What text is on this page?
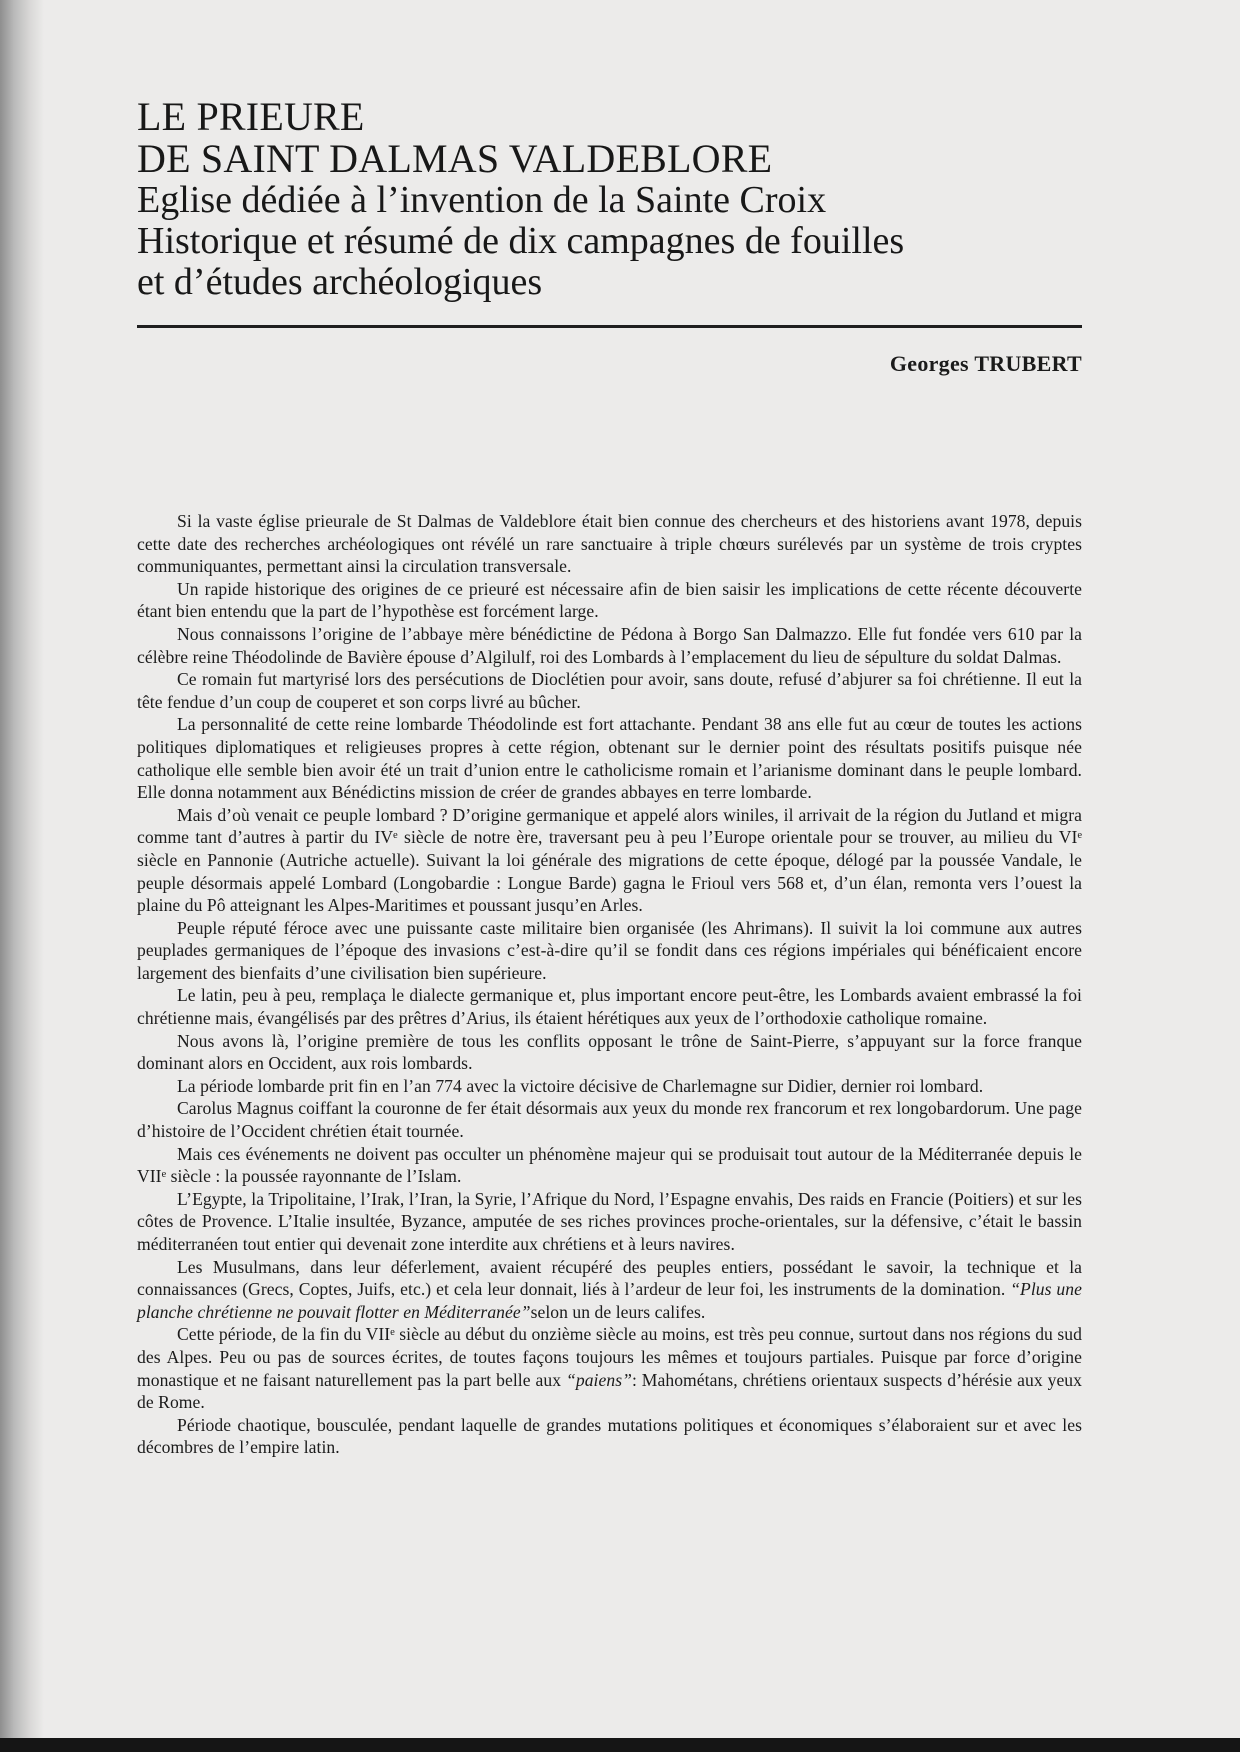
LE PRIEURE
DE SAINT DALMAS VALDEBLORE
Eglise dédiée à l’invention de la Sainte Croix
Historique et résumé de dix campagnes de fouilles
et d’études archéologiques
Georges TRUBERT

Si la vaste église prieurale de St Dalmas de Valdeblore était bien connue des chercheurs et des historiens avant 1978, depuis cette date des recherches archéologiques ont révélé un rare sanctuaire à triple chœurs surélevés par un système de trois cryptes communiquantes, permettant ainsi la circulation transversale.

Un rapide historique des origines de ce prieuré est nécessaire afin de bien saisir les implications de cette récente découverte étant bien entendu que la part de l’hypothèse est forcément large.

Nous connaissons l’origine de l’abbaye mère bénédictine de Pédona à Borgo San Dalmazzo. Elle fut fondée vers 610 par la célèbre reine Théodolinde de Bavière épouse d’Algilulf, roi des Lombards à l’emplacement du lieu de sépulture du soldat Dalmas.

Ce romain fut martyrisé lors des persécutions de Dioclétien pour avoir, sans doute, refusé d’abjurer sa foi chrétienne. Il eut la tête fendue d’un coup de couperet et son corps livré au bûcher.

La personnalité de cette reine lombarde Théodolinde est fort attachante. Pendant 38 ans elle fut au cœur de toutes les actions politiques diplomatiques et religieuses propres à cette région, obtenant sur le dernier point des résultats positifs puisque née catholique elle semble bien avoir été un trait d’union entre le catholicisme romain et l’arianisme dominant dans le peuple lombard. Elle donna notamment aux Bénédictins mission de créer de grandes abbayes en terre lombarde.

Mais d’où venait ce peuple lombard ? D’origine germanique et appelé alors winiles, il arrivait de la région du Jutland et migra comme tant d’autres à partir du IVᵉ siècle de notre ère, traversant peu à peu l’Europe orientale pour se trouver, au milieu du VIᵉ siècle en Pannonie (Autriche actuelle). Suivant la loi générale des migrations de cette époque, délogé par la poussée Vandale, le peuple désormais appelé Lombard (Longobardie : Longue Barde) gagna le Frioul vers 568 et, d’un élan, remonta vers l’ouest la plaine du Pô atteignant les Alpes-Maritimes et poussant jusqu’en Arles.

Peuple réputé féroce avec une puissante caste militaire bien organisée (les Ahrimans). Il suivit la loi commune aux autres peuplades germaniques de l’époque des invasions c’est-à-dire qu’il se fondit dans ces régions impériales qui bénéficaient encore largement des bienfaits d’une civilisation bien supérieure.

Le latin, peu à peu, remplaça le dialecte germanique et, plus important encore peut-être, les Lombards avaient embrassé la foi chrétienne mais, évangélisés par des prêtres d’Arius, ils étaient hérétiques aux yeux de l’orthodoxie catholique romaine.

Nous avons là, l’origine première de tous les conflits opposant le trône de Saint-Pierre, s’appuyant sur la force franque dominant alors en Occident, aux rois lombards.

La période lombarde prit fin en l’an 774 avec la victoire décisive de Charlemagne sur Didier, dernier roi lombard.

Carolus Magnus coiffant la couronne de fer était désormais aux yeux du monde rex francorum et rex longobardorum. Une page d’histoire de l’Occident chrétien était tournée.

Mais ces événements ne doivent pas occulter un phénomène majeur qui se produisait tout autour de la Méditerranée depuis le VIIᵉ siècle : la poussée rayonnante de l’Islam.

L’Egypte, la Tripolitaine, l’Irak, l’Iran, la Syrie, l’Afrique du Nord, l’Espagne envahis, Des raids en Francie (Poitiers) et sur les côtes de Provence. L’Italie insultée, Byzance, amputée de ses riches provinces proche-orientales, sur la défensive, c’était le bassin méditerranéen tout entier qui devenait zone interdite aux chrétiens et à leurs navires.

Les Musulmans, dans leur déferlement, avaient récupéré des peuples entiers, possédant le savoir, la technique et la connaissances (Grecs, Coptes, Juifs, etc.) et cela leur donnait, liés à l’ardeur de leur foi, les instruments de la domination. “Plus une planche chrétienne ne pouvait flotter en Méditerranée”selon un de leurs califes.

Cette période, de la fin du VIIᵉ siècle au début du onzième siècle au moins, est très peu connue, surtout dans nos régions du sud des Alpes. Peu ou pas de sources écrites, de toutes façons toujours les mêmes et toujours partiales. Puisque par force d’origine monastique et ne faisant naturellement pas la part belle aux “paiens”: Mahométans, chrétiens orientaux suspects d’hérésie aux yeux de Rome.

Période chaotique, bousculée, pendant laquelle de grandes mutations politiques et économiques s’élaboraient sur et avec les décombres de l’empire latin.
